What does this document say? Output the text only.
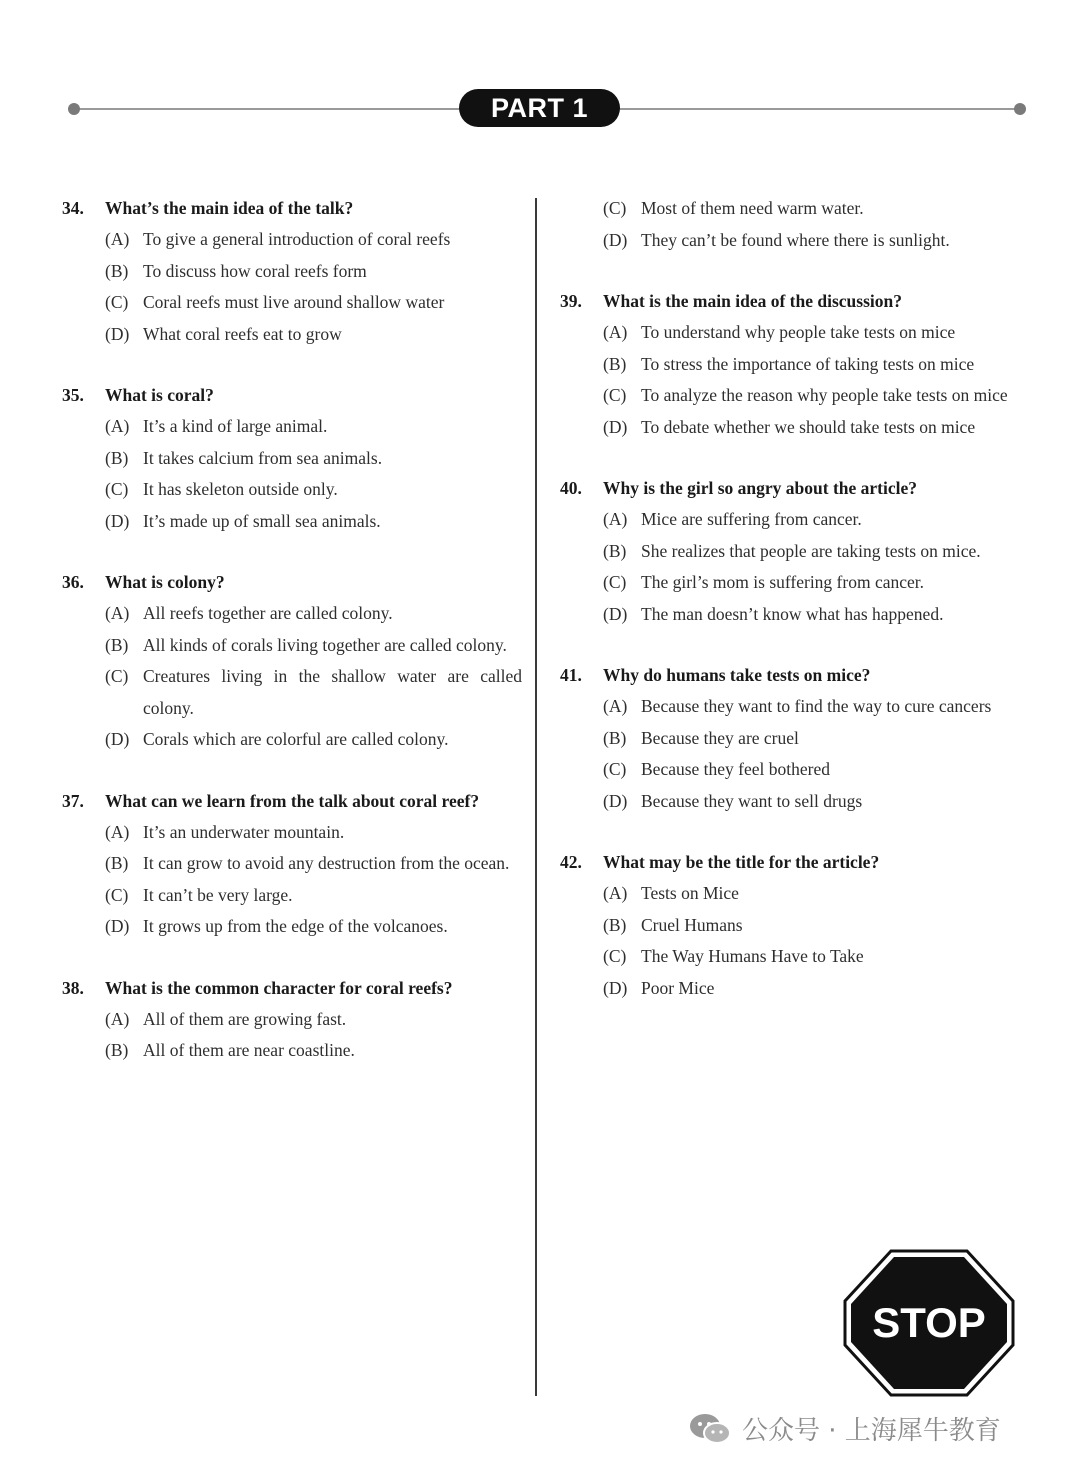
PART 1
34.	What’s the main idea of the talk?
(A) To give a general introduction of coral reefs
(B) To discuss how coral reefs form
(C) Coral reefs must live around shallow water
(D) What coral reefs eat to grow
35.	What is coral?
(A) It’s a kind of large animal.
(B) It takes calcium from sea animals.
(C) It has skeleton outside only.
(D) It’s made up of small sea animals.
36.	What is colony?
(A) All reefs together are called colony.
(B) All kinds of corals living together are called colony.
(C) Creatures living in the shallow water are called colony.
(D) Corals which are colorful are called colony.
37.	What can we learn from the talk about coral reef?
(A) It’s an underwater mountain.
(B) It can grow to avoid any destruction from the ocean.
(C) It can’t be very large.
(D) It grows up from the edge of the volcanoes.
38.	What is the common character for coral reefs?
(A) All of them are growing fast.
(B) All of them are near coastline.
(C) Most of them need warm water.
(D) They can’t be found where there is sunlight.
39.	What is the main idea of the discussion?
(A) To understand why people take tests on mice
(B) To stress the importance of taking tests on mice
(C) To analyze the reason why people take tests on mice
(D) To debate whether we should take tests on mice
40.	Why is the girl so angry about the article?
(A) Mice are suffering from cancer.
(B) She realizes that people are taking tests on mice.
(C) The girl’s mom is suffering from cancer.
(D) The man doesn’t know what has happened.
41.	Why do humans take tests on mice?
(A) Because they want to find the way to cure cancers
(B) Because they are cruel
(C) Because they feel bothered
(D) Because they want to sell drugs
42.	What may be the title for the article?
(A) Tests on Mice
(B) Cruel Humans
(C) The Way Humans Have to Take
(D) Poor Mice
STOP
公众号 · 上海犀牛教育
